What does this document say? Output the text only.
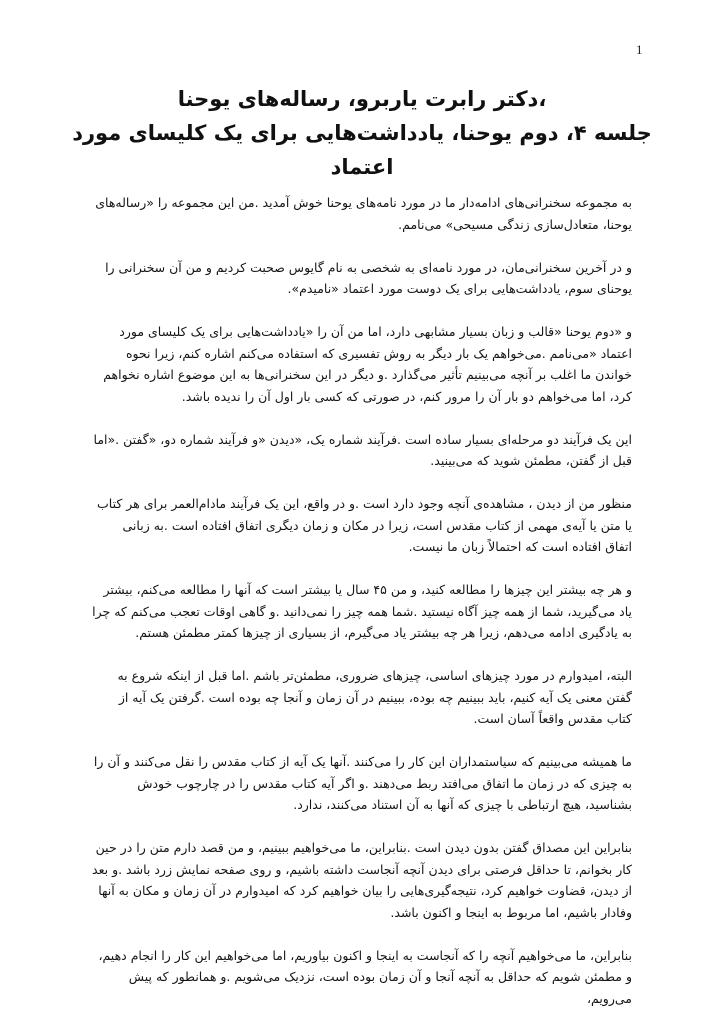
1
،دکتر رابرت یاربرو، رساله‌های یوحنا
جلسه ۴، دوم یوحنا، یادداشت‌هایی برای یک کلیسای مورد
اعتماد

به مجموعه سخنرانی‌های ادامه‌دار ما در مورد نامه‌های یوحنا خوش آمدید .من این مجموعه را «رساله‌های یوحنا، متعادل‌سازی زندگی مسیحی» می‌نامم.

و در آخرین سخنرانی‌مان، در مورد نامه‌ای به شخصی به نام گایوس صحبت کردیم و من آن سخنرانی را یوحنای سوم، یادداشت‌هایی برای یک دوست مورد اعتماد «نامیدم».

و «دوم یوحنا «قالب و زبان بسیار مشابهی دارد، اما من آن را «یادداشت‌هایی برای یک کلیسای مورد اعتماد «می‌نامم .می‌خواهم یک بار دیگر به روش تفسیری که استفاده می‌کنم اشاره کنم، زیرا نحوه خواندن ما اغلب بر آنچه می‌بینیم تأثیر می‌گذارد .و دیگر در این سخنرانی‌ها به این موضوع اشاره نخواهم کرد، اما می‌خواهم دو بار آن را مرور کنم، در صورتی که کسی بار اول آن را ندیده باشد.

این یک فرآیند دو مرحله‌ای بسیار ساده است .فرآیند شماره یک، «دیدن «و فرآیند شماره دو، «گفتن .«اما قبل از گفتن، مطمئن شوید که می‌بینید.

منظور من از دیدن ، مشاهده‌ی آنچه وجود دارد است .و در واقع، این یک فرآیند مادام‌العمر برای هر کتاب یا متن یا آیه‌ی مهمی از کتاب مقدس است، زیرا در مکان و زمان دیگری اتفاق افتاده است .به زبانی اتفاق افتاده است که احتمالاً زبان ما نیست.

و هر چه بیشتر این چیزها را مطالعه کنید، و من ۴۵ سال یا بیشتر است که آنها را مطالعه می‌کنم، بیشتر یاد می‌گیرید، شما از همه چیز آگاه نیستید .شما همه چیز را نمی‌دانید .و گاهی اوقات تعجب می‌کنم که چرا به یادگیری ادامه می‌دهم، زیرا هر چه بیشتر یاد می‌گیرم، از بسیاری از چیزها کمتر مطمئن هستم.

البته، امیدوارم در مورد چیزهای اساسی، چیزهای ضروری، مطمئن‌تر باشم .اما قبل از اینکه شروع به گفتن معنی یک آیه کنیم، باید ببینیم چه بوده، ببینیم در آن زمان و آنجا چه بوده است .گرفتن یک آیه از کتاب مقدس واقعاً آسان است.

ما همیشه می‌بینیم که سیاستمداران این کار را می‌کنند .آنها یک آیه از کتاب مقدس را نقل می‌کنند و آن را به چیزی که در زمان ما اتفاق می‌افتد ربط می‌دهند .و اگر آیه کتاب مقدس را در چارچوب خودش بشناسید، هیچ ارتباطی با چیزی که آنها به آن استناد می‌کنند، ندارد.

بنابراین این مصداق گفتن بدون دیدن است .بنابراین، ما می‌خواهیم ببینیم، و من قصد دارم متن را در حین کار بخوانم، تا حداقل فرصتی برای دیدن آنچه آنجاست داشته باشیم، و روی صفحه نمایش زرد باشد .و بعد از دیدن، قضاوت خواهیم کرد، نتیجه‌گیری‌هایی را بیان خواهیم کرد که امیدوارم در آن زمان و مکان به آنها وفادار باشیم، اما مربوط به اینجا و اکنون باشد.

بنابراین، ما می‌خواهیم آنچه را که آنجاست به اینجا و اکنون بیاوریم، اما می‌خواهیم این کار را انجام دهیم، و مطمئن شویم که حداقل به آنچه آنجا و آن زمان بوده است، نزدیک می‌شویم .و همانطور که پیش می‌رویم،
